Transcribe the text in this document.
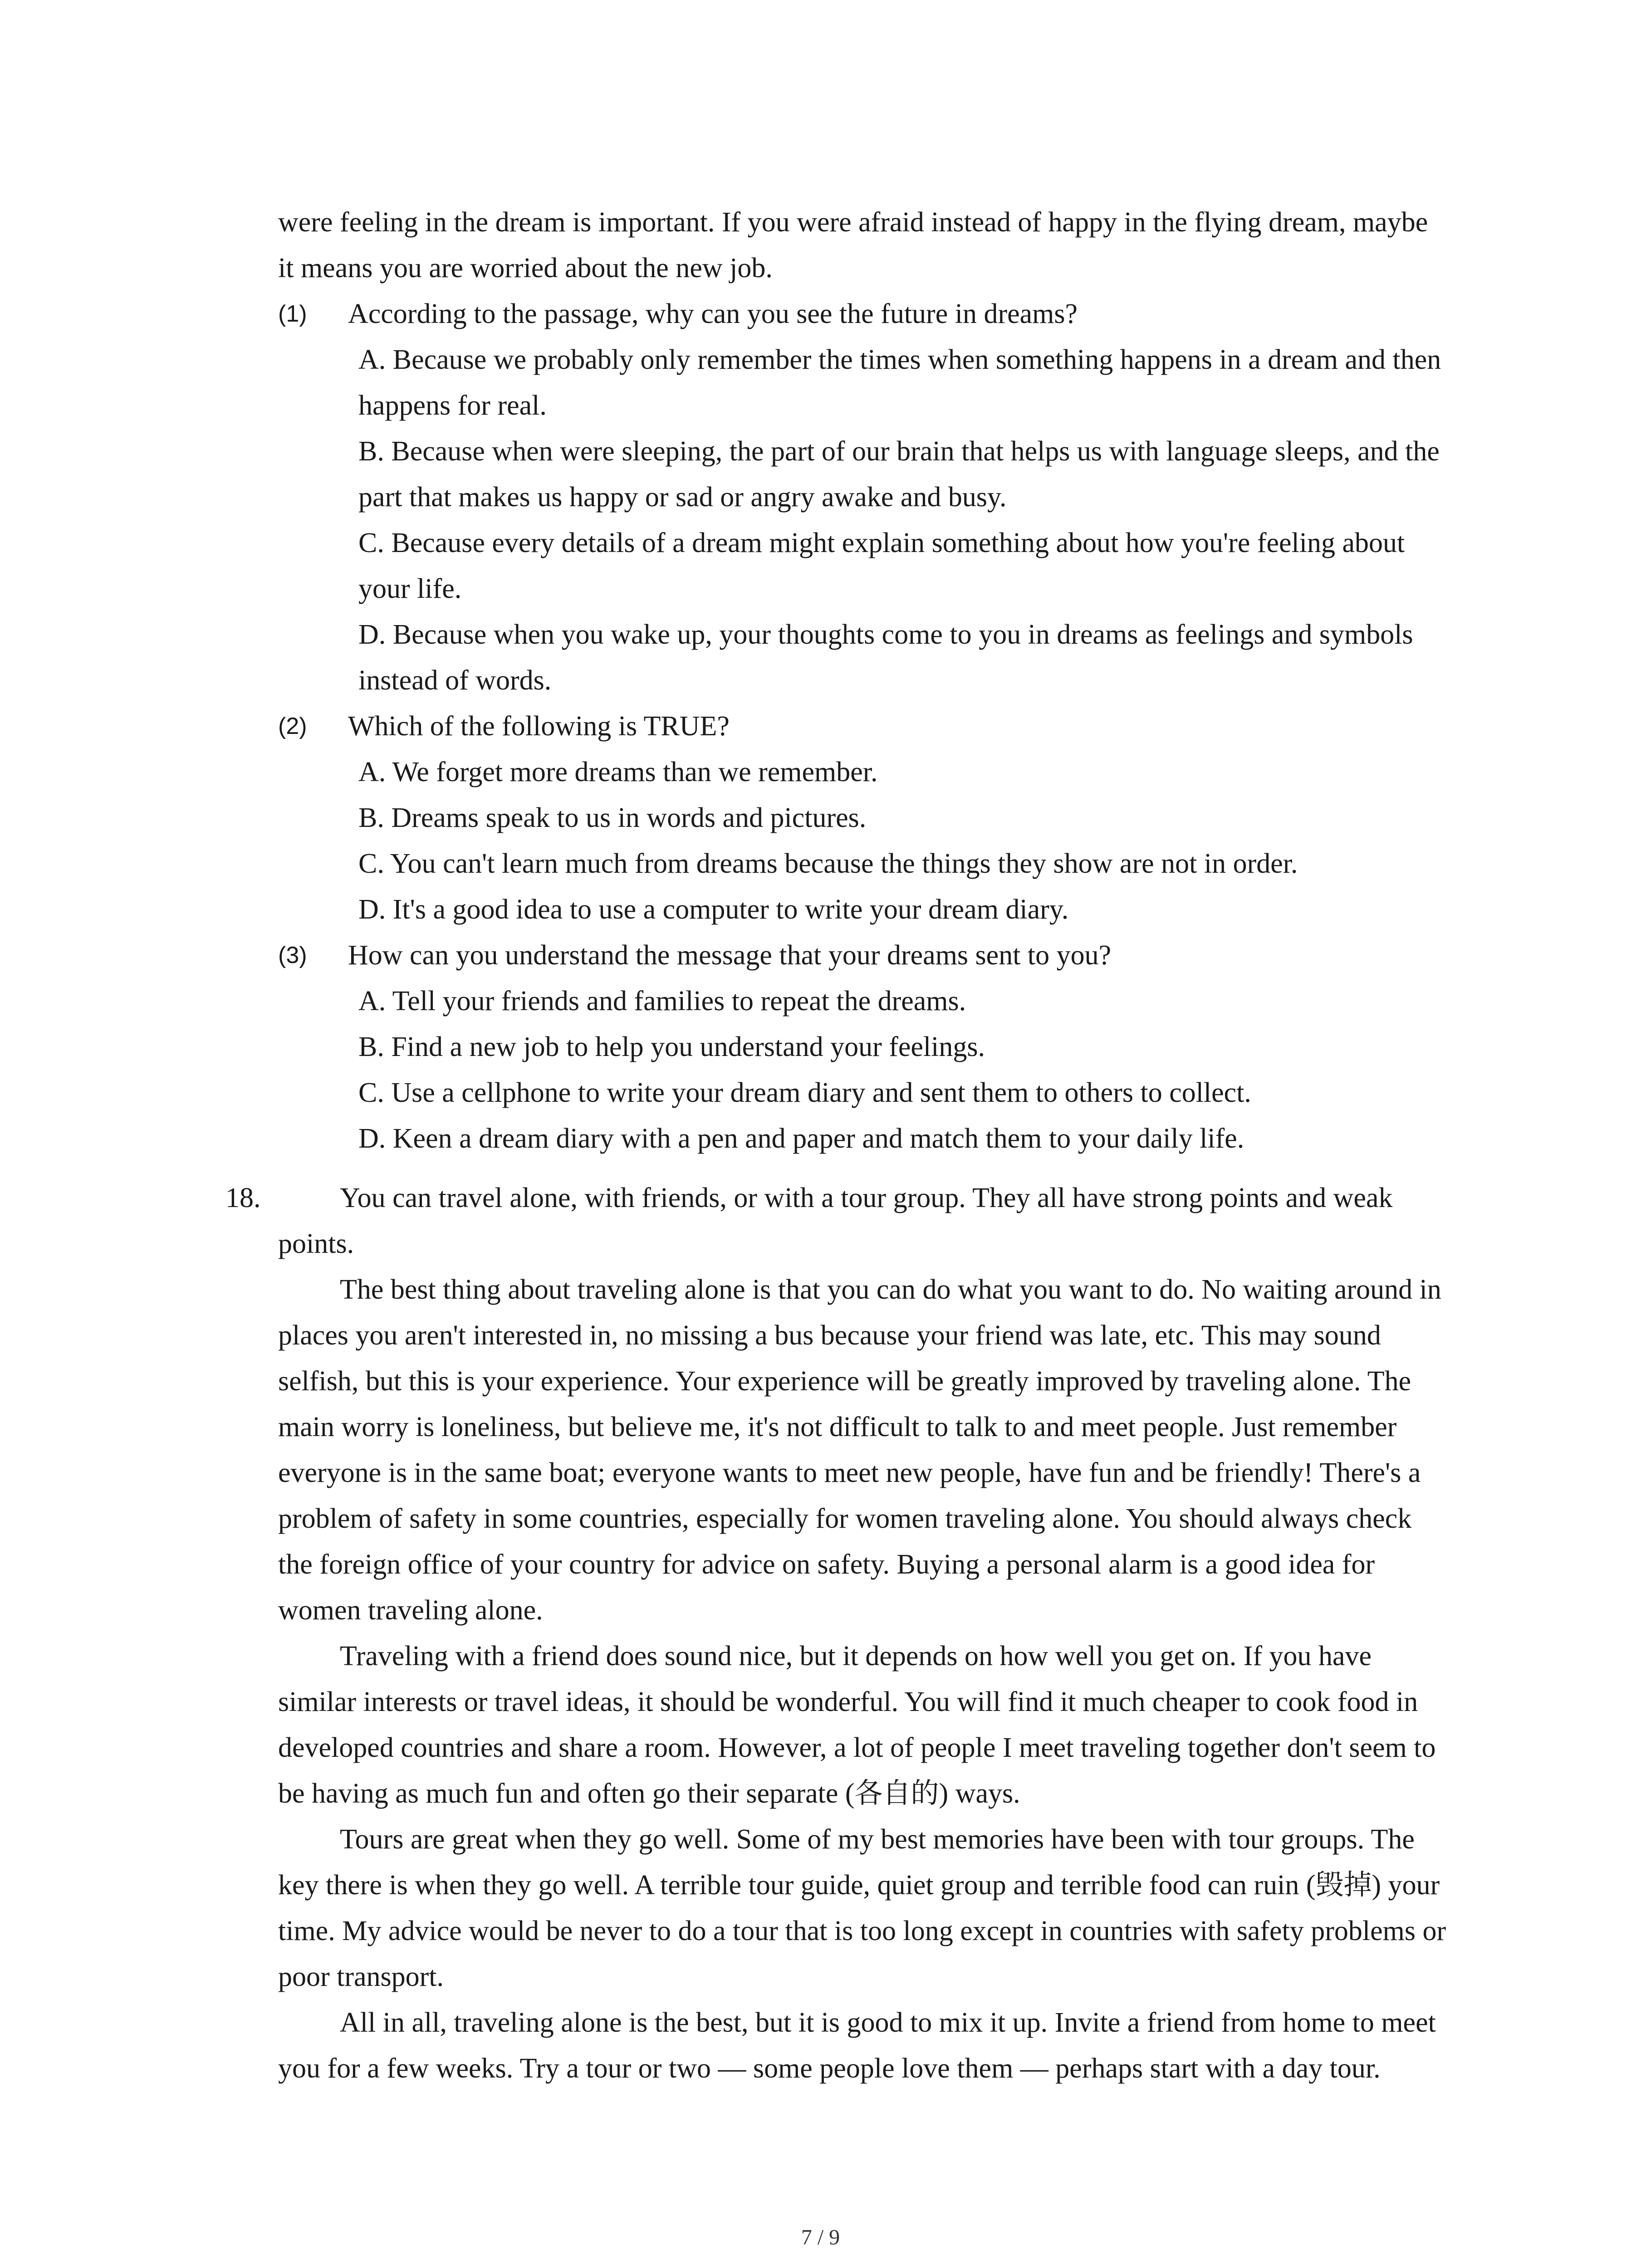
were feeling in the dream is important. If you were afraid instead of happy in the flying dream, maybe it means you are worried about the new job.

(1) According to the passage, why can you see the future in dreams?

A. Because we probably only remember the times when something happens in a dream and then happens for real.

B. Because when were sleeping, the part of our brain that helps us with language sleeps, and the part that makes us happy or sad or angry awake and busy.

C. Because every details of a dream might explain something about how you're feeling about your life.

D. Because when you wake up, your thoughts come to you in dreams as feelings and symbols instead of words.

(2) Which of the following is TRUE?

A. We forget more dreams than we remember.

B. Dreams speak to us in words and pictures.

C. You can't learn much from dreams because the things they show are not in order.

D. It's a good idea to use a computer to write your dream diary.

(3) How can you understand the message that your dreams sent to you?

A. Tell your friends and families to repeat the dreams.

B. Find a new job to help you understand your feelings.

C. Use a cellphone to write your dream diary and sent them to others to collect.

D. Keen a dream diary with a pen and paper and match them to your daily life.

18.	You can travel alone, with friends, or with a tour group. They all have strong points and weak points.

The best thing about traveling alone is that you can do what you want to do. No waiting around in places you aren't interested in, no missing a bus because your friend was late, etc. This may sound selfish, but this is your experience. Your experience will be greatly improved by traveling alone. The main worry is loneliness, but believe me, it's not difficult to talk to and meet people. Just remember everyone is in the same boat; everyone wants to meet new people, have fun and be friendly! There's a problem of safety in some countries, especially for women traveling alone. You should always check the foreign office of your country for advice on safety. Buying a personal alarm is a good idea for women traveling alone.

Traveling with a friend does sound nice, but it depends on how well you get on. If you have similar interests or travel ideas, it should be wonderful. You will find it much cheaper to cook food in developed countries and share a room. However, a lot of people I meet traveling together don't seem to be having as much fun and often go their separate (各自的) ways.

Tours are great when they go well. Some of my best memories have been with tour groups. The key there is when they go well. A terrible tour guide, quiet group and terrible food can ruin (毁掉) your time. My advice would be never to do a tour that is too long except in countries with safety problems or poor transport.

All in all, traveling alone is the best, but it is good to mix it up. Invite a friend from home to meet you for a few weeks. Try a tour or two — some people love them — perhaps start with a day tour.

7 / 9
